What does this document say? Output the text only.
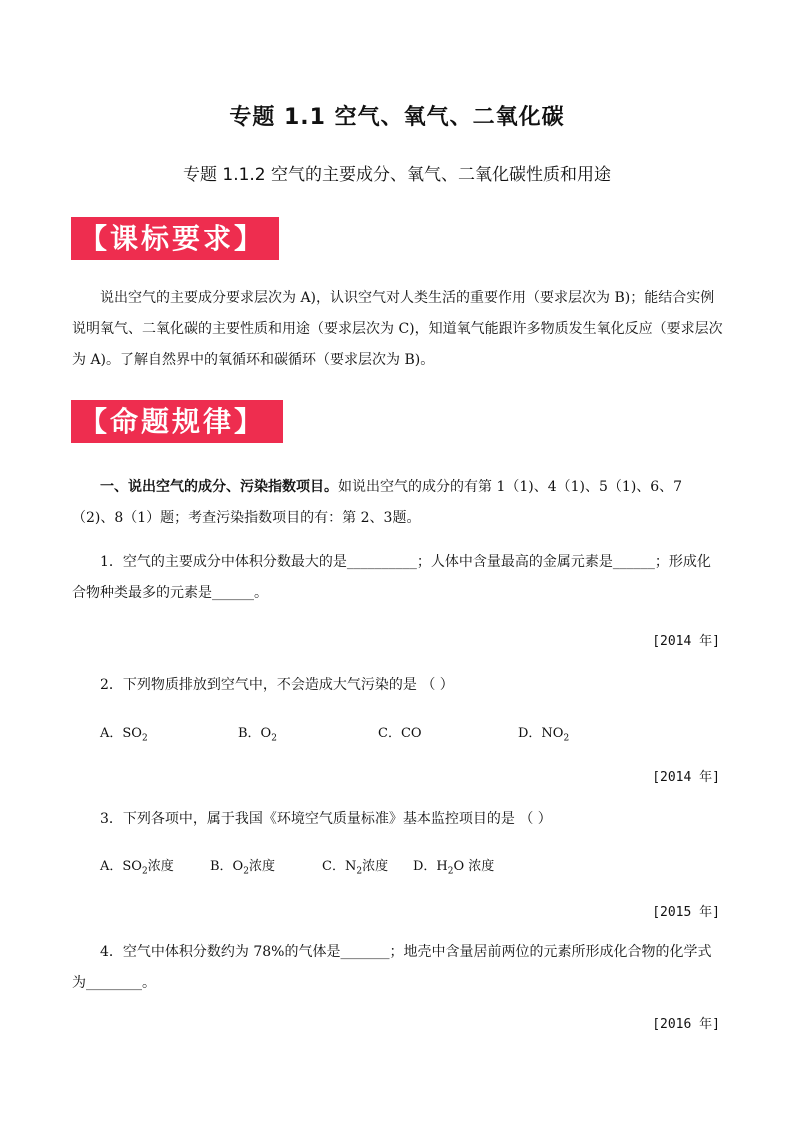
专题 1.1 空气、氧气、二氧化碳
专题 1.1.2 空气的主要成分、氧气、二氧化碳性质和用途
【课标要求】
说出空气的主要成分要求层次为 A)，认识空气对人类生活的重要作用（要求层次为 B)；能结合实例说明氧气、二氧化碳的主要性质和用途（要求层次为 C)，知道氧气能跟许多物质发生氧化反应（要求层次为 A)。了解自然界中的氧循环和碳循环（要求层次为 B)。
【命题规律】
一、说出空气的成分、污染指数项目。如说出空气的成分的有第 1（1)、4（1)、5（1)、6、7（2)、8（1）题；考查污染指数项目的有：第 2、3题。
1．空气的主要成分中体积分数最大的是__________；人体中含量最高的金属元素是______；形成化合物种类最多的元素是______。
[2014 年]
2．下列物质排放到空气中，不会造成大气污染的是 （ ）
A．$SO_2$	B．$O_2$	C．CO	D．$NO_2$
[2014 年]
3．下列各项中，属于我国《环境空气质量标准》基本监控项目的是 （ ）
A．$SO_2$浓度	B．$O_2$浓度	C．$N_2$浓度 D．$H_2O$ 浓度
[2015 年]
4．空气中体积分数约为 78%的气体是_______；地壳中含量居前两位的元素所形成化合物的化学式为________。
[2016 年]
